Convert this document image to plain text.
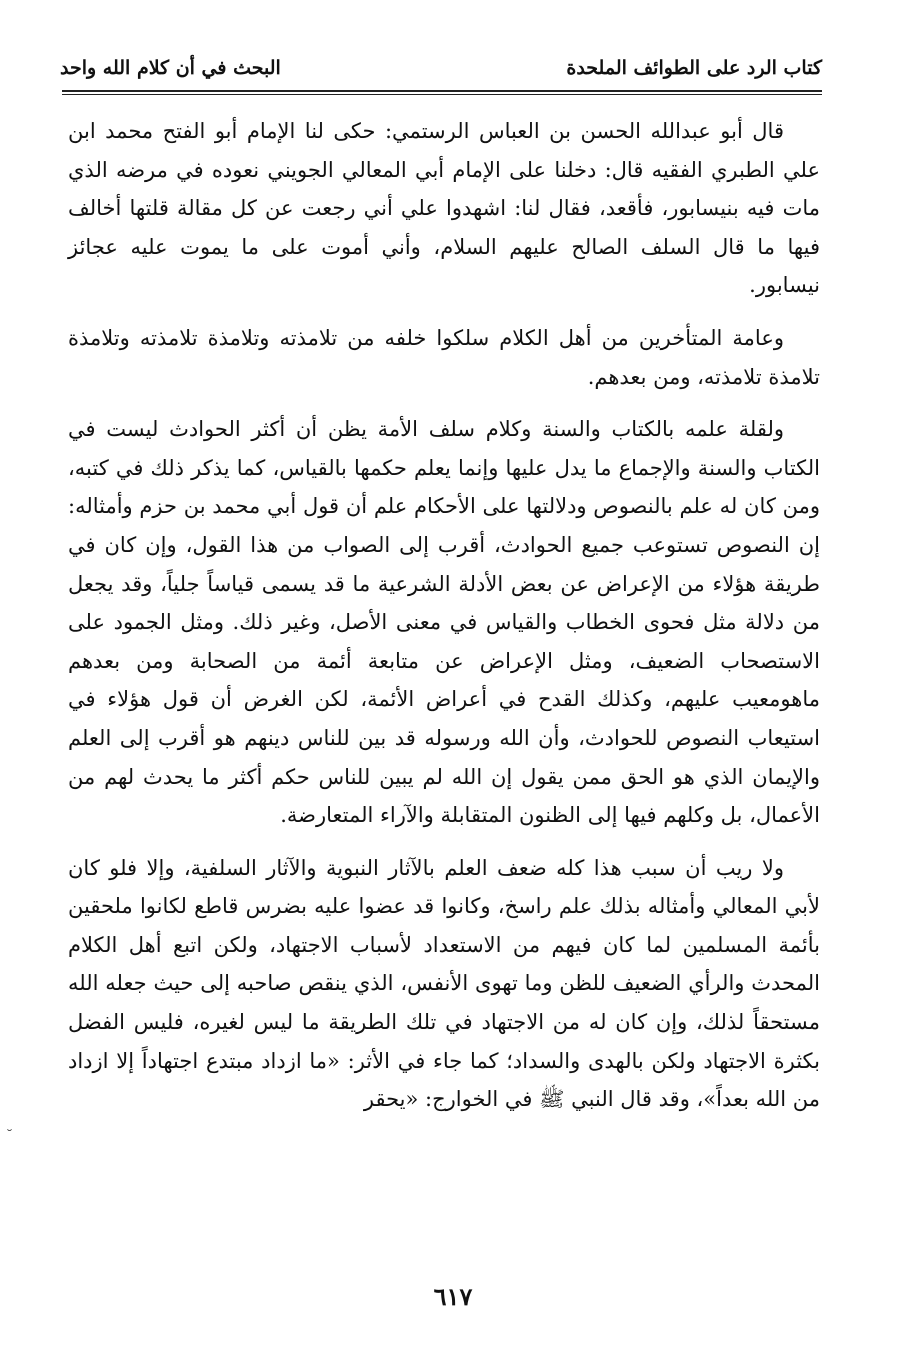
البحث في أن كلام الله واحد	كتاب الرد على الطوائف الملحدة

قال أبو عبدالله الحسن بن العباس الرستمي: حكى لنا الإمام أبو الفتح محمد ابن علي الطبري الفقيه قال: دخلنا على الإمام أبي المعالي الجويني نعوده في مرضه الذي مات فيه بنيسابور، فأقعد، فقال لنا: اشهدوا علي أني رجعت عن كل مقالة قلتها أخالف فيها ما قال السلف الصالح عليهم السلام، وأني أموت على ما يموت عليه عجائز نيسابور.

وعامة المتأخرين من أهل الكلام سلكوا خلفه من تلامذته وتلامذة تلامذته وتلامذة تلامذة تلامذته، ومن بعدهم.

ولقلة علمه بالكتاب والسنة وكلام سلف الأمة يظن أن أكثر الحوادث ليست في الكتاب والسنة والإجماع ما يدل عليها وإنما يعلم حكمها بالقياس، كما يذكر ذلك في كتبه، ومن كان له علم بالنصوص ودلالتها على الأحكام علم أن قول أبي محمد بن حزم وأمثاله: إن النصوص تستوعب جميع الحوادث، أقرب إلى الصواب من هذا القول، وإن كان في طريقة هؤلاء من الإعراض عن بعض الأدلة الشرعية ما قد يسمى قياساً جلياً، وقد يجعل من دلالة مثل فحوى الخطاب والقياس في معنى الأصل، وغير ذلك. ومثل الجمود على الاستصحاب الضعيف، ومثل الإعراض عن متابعة أئمة من الصحابة ومن بعدهم ماهومعيب عليهم، وكذلك القدح في أعراض الأئمة، لكن الغرض أن قول هؤلاء في استيعاب النصوص للحوادث، وأن الله ورسوله قد بين للناس دينهم هو أقرب إلى العلم والإيمان الذي هو الحق ممن يقول إن الله لم يبين للناس حكم أكثر ما يحدث لهم من الأعمال، بل وكلهم فيها إلى الظنون المتقابلة والآراء المتعارضة.

ولا ريب أن سبب هذا كله ضعف العلم بالآثار النبوية والآثار السلفية، وإلا فلو كان لأبي المعالي وأمثاله بذلك علم راسخ، وكانوا قد عضوا عليه بضرس قاطع لكانوا ملحقين بأئمة المسلمين لما كان فيهم من الاستعداد لأسباب الاجتهاد، ولكن اتبع أهل الكلام المحدث والرأي الضعيف للظن وما تهوى الأنفس، الذي ينقص صاحبه إلى حيث جعله الله مستحقاً لذلك، وإن كان له من الاجتهاد في تلك الطريقة ما ليس لغيره، فليس الفضل بكثرة الاجتهاد ولكن بالهدى والسداد؛ كما جاء في الأثر: «ما ازداد مبتدع اجتهاداً إلا ازداد من الله بعداً»، وقد قال النبي ﷺ في الخوارج: «يحقر

˘
٦١٧
